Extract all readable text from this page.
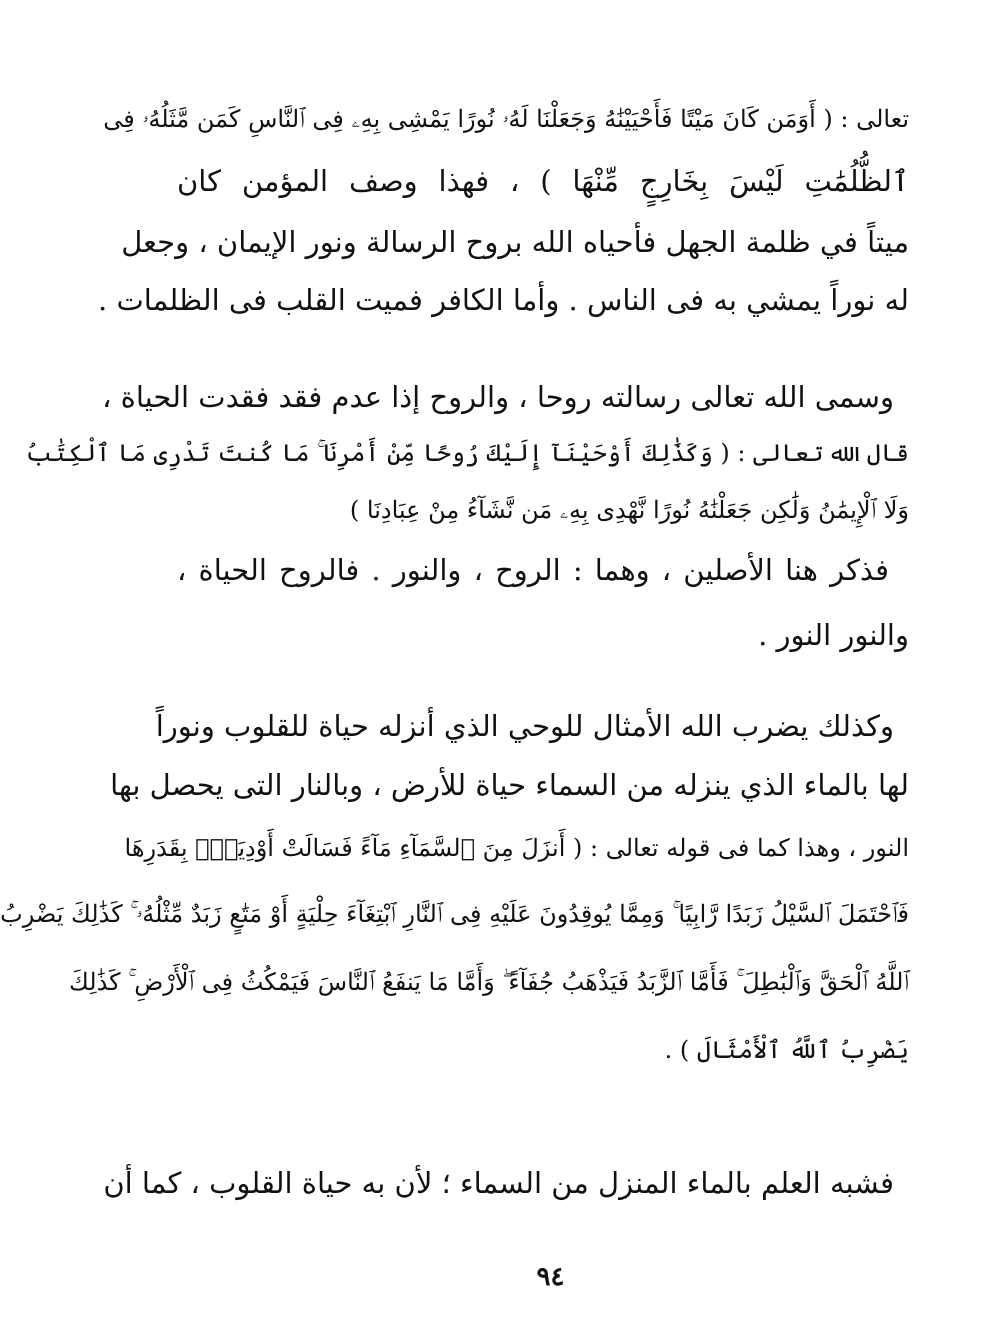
تعالى : ( أَوَمَن كَانَ مَيْتًا فَأَحْيَيْنَٰهُ وَجَعَلْنَا لَهُۥ نُورًا يَمْشِى بِهِۦ فِى ٱلنَّاسِ كَمَن مَّثَلُهُۥ فِى
ٱلظُّلُمَٰتِ لَيْسَ بِخَارِجٍ مِّنْهَا ) ، فهذا وصف المؤمن كان
ميتاً في ظلمة الجهل فأحياه الله بروح الرسالة ونور الإيمان ، وجعل
له نوراً يمشي به فى الناس . وأما الكافر فميت القلب فى الظلمات .
وسمى الله تعالى رسالته روحا ، والروح إذا عدم فقد فقدت الحياة ،
قال الله تعالى : ( وَكَذَٰلِكَ أَوْحَيْنَآ إِلَيْكَ رُوحًا مِّنْ أَمْرِنَا ۚ مَا كُنتَ تَدْرِى مَا ٱلْكِتَٰبُ
وَلَا ٱلْإِيمَٰنُ وَلَٰكِن جَعَلْنَٰهُ نُورًا نَّهْدِى بِهِۦ مَن نَّشَآءُ مِنْ عِبَادِنَا )
فذكر هنا الأصلين ، وهما : الروح ، والنور . فالروح الحياة ،
والنور النور .
وكذلك يضرب الله الأمثال للوحي الذي أنزله حياة للقلوب ونوراً
لها بالماء الذي ينزله من السماء حياة للأرض ، وبالنار التى يحصل بها
النور ، وهذا كما فى قوله تعالى : ( أَنزَلَ مِنَ ٱلسَّمَآءِ مَآءً فَسَالَتْ أَوْدِيَةٌۢ بِقَدَرِهَا
فَٱحْتَمَلَ ٱلسَّيْلُ زَبَدًا رَّابِيًا ۚ وَمِمَّا يُوقِدُونَ عَلَيْهِ فِى ٱلنَّارِ ٱبْتِغَآءَ حِلْيَةٍ أَوْ مَتَٰعٍ زَبَدٌ مِّثْلُهُۥ ۚ كَذَٰلِكَ يَضْرِبُ
ٱللَّهُ ٱلْحَقَّ وَٱلْبَٰطِلَ ۚ فَأَمَّا ٱلزَّبَدُ فَيَذْهَبُ جُفَآءً ۖ وَأَمَّا مَا يَنفَعُ ٱلنَّاسَ فَيَمْكُثُ فِى ٱلْأَرْضِ ۚ كَذَٰلِكَ
يَضْرِبُ ٱللَّهُ ٱلْأَمْثَالَ ) .
فشبه العلم بالماء المنزل من السماء ؛ لأن به حياة القلوب ، كما أن
٩٤
